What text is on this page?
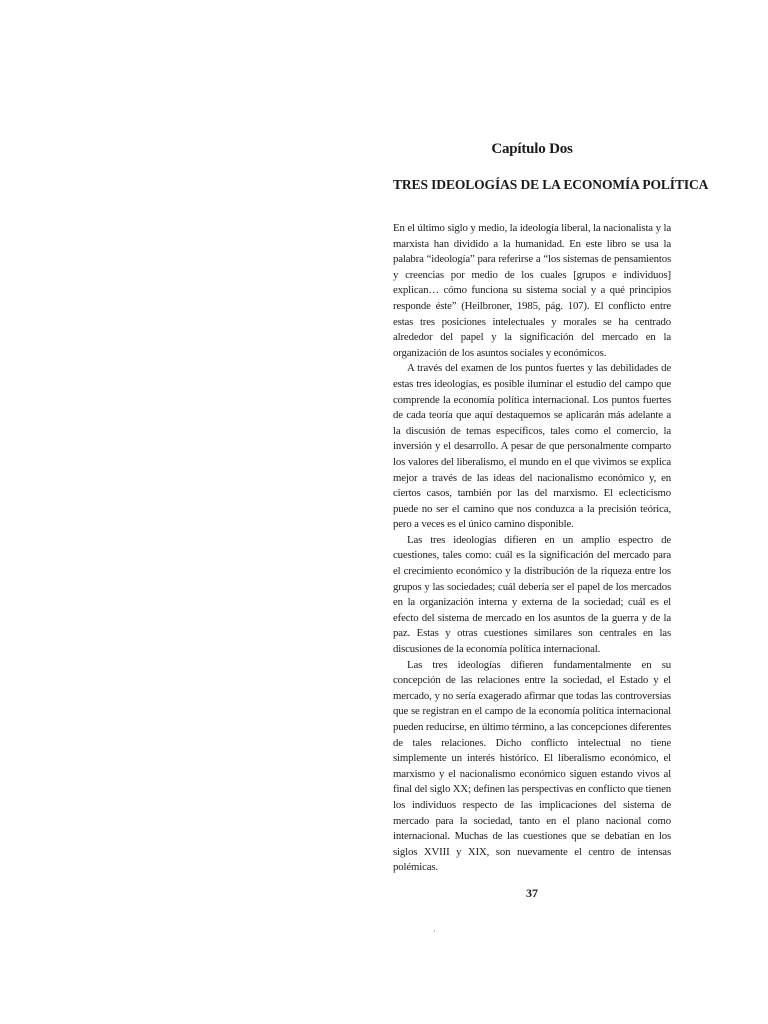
Capítulo Dos
TRES IDEOLOGÍAS DE LA ECONOMÍA POLÍTICA

En el último siglo y medio, la ideología liberal, la nacionalista y la marxista han dividido a la humanidad. En este libro se usa la palabra “ideología” para referirse a “los sistemas de pensamientos y creencias por medio de los cuales [grupos e individuos] explican… cómo funciona su sistema social y a qué principios responde éste” (Heilbroner, 1985, pág. 107). El conflicto entre estas tres posiciones intelectuales y morales se ha centrado alrededor del papel y la significación del mercado en la organización de los asuntos sociales y económicos.

A través del examen de los puntos fuertes y las debilidades de estas tres ideologías, es posible iluminar el estudio del campo que comprende la economía política internacional. Los puntos fuertes de cada teoría que aquí destaquemos se aplicarán más adelante a la discusión de temas específicos, tales como el comercio, la inversión y el desarrollo. A pesar de que personalmente comparto los valores del liberalismo, el mundo en el que vivimos se explica mejor a través de las ideas del nacionalismo económico y, en ciertos casos, también por las del marxismo. El eclecticismo puede no ser el camino que nos conduzca a la precisión teórica, pero a veces es el único camino disponible.

Las tres ideologías difieren en un amplio espectro de cuestiones, tales como: cuál es la significación del mercado para el crecimiento económico y la distribución de la riqueza entre los grupos y las sociedades; cuál debería ser el papel de los mercados en la organización interna y externa de la sociedad; cuál es el efecto del sistema de mercado en los asuntos de la guerra y de la paz. Estas y otras cuestiones similares son centrales en las discusiones de la economía política internacional.

Las tres ideologías difieren fundamentalmente en su concepción de las relaciones entre la sociedad, el Estado y el mercado, y no sería exagerado afirmar que todas las controversias que se registran en el campo de la economía política internacional pueden reducirse, en último término, a las concepciones diferentes de tales relaciones. Dicho conflicto intelectual no tiene simplemente un interés histórico. El liberalismo económico, el marxismo y el nacionalismo económico siguen estando vivos al final del siglo XX; definen las perspectivas en conflicto que tienen los individuos respecto de las implicaciones del sistema de mercado para la sociedad, tanto en el plano nacional como internacional. Muchas de las cuestiones que se debatían en los siglos XVIII y XIX, son nuevamente el centro de intensas polémicas.

37
